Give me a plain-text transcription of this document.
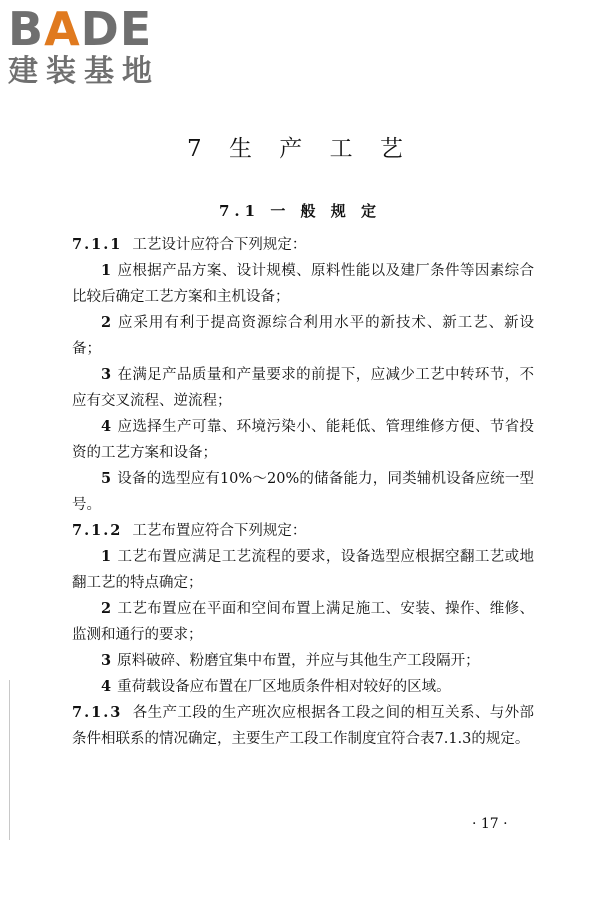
BADE
建装基地
7 生 产 工 艺
7.1 一 般 规 定

7.1.1 工艺设计应符合下列规定：

1 应根据产品方案、设计规模、原料性能以及建厂条件等因素综合比较后确定工艺方案和主机设备；

2 应采用有利于提高资源综合利用水平的新技术、新工艺、新设备；

3 在满足产品质量和产量要求的前提下，应减少工艺中转环节，不应有交叉流程、逆流程；

4 应选择生产可靠、环境污染小、能耗低、管理维修方便、节省投资的工艺方案和设备；

5 设备的选型应有10%～20%的储备能力，同类辅机设备应统一型号。

7.1.2 工艺布置应符合下列规定：

1 工艺布置应满足工艺流程的要求，设备选型应根据空翻工艺或地翻工艺的特点确定；

2 工艺布置应在平面和空间布置上满足施工、安装、操作、维修、监测和通行的要求；

3 原料破碎、粉磨宜集中布置，并应与其他生产工段隔开；

4 重荷载设备应布置在厂区地质条件相对较好的区域。

7.1.3 各生产工段的生产班次应根据各工段之间的相互关系、与外部条件相联系的情况确定，主要生产工段工作制度宜符合表7.1.3的规定。

· 17 ·
